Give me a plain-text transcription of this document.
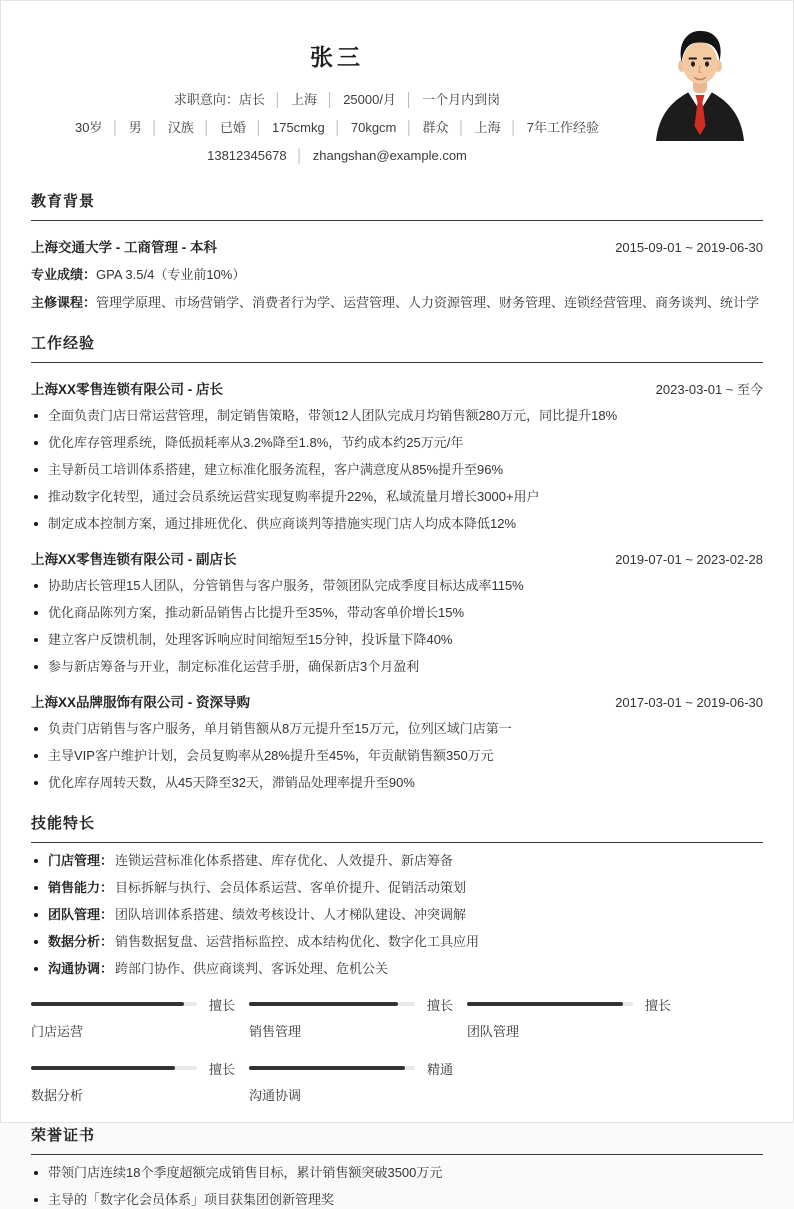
张三
求职意向：店长 │ 上海 │ 25000/月 │ 一个月内到岗
30岁 │ 男 │ 汉族 │ 已婚 │ 175cmkg │ 70kgcm │ 群众 │ 上海 │ 7年工作经验
13812345678 │ zhangshan@example.com
教育背景
上海交通大学 - 工商管理 - 本科	2015-09-01 ~ 2019-06-30
专业成绩：GPA 3.5/4（专业前10%）
主修课程：管理学原理、市场营销学、消费者行为学、运营管理、人力资源管理、财务管理、连锁经营管理、商务谈判、统计学
工作经验
上海XX零售连锁有限公司 - 店长	2023-03-01 ~ 至今
全面负责门店日常运营管理，制定销售策略，带领12人团队完成月均销售额280万元，同比提升18%
优化库存管理系统，降低损耗率从3.2%降至1.8%，节约成本约25万元/年
主导新员工培训体系搭建，建立标准化服务流程，客户满意度从85%提升至96%
推动数字化转型，通过会员系统运营实现复购率提升22%，私域流量月增长3000+用户
制定成本控制方案，通过排班优化、供应商谈判等措施实现门店人均成本降低12%
上海XX零售连锁有限公司 - 副店长	2019-07-01 ~ 2023-02-28
协助店长管理15人团队，分管销售与客户服务，带领团队完成季度目标达成率115%
优化商品陈列方案，推动新品销售占比提升至35%，带动客单价增长15%
建立客户反馈机制，处理客诉响应时间缩短至15分钟，投诉量下降40%
参与新店筹备与开业，制定标准化运营手册，确保新店3个月盈利
上海XX品牌服饰有限公司 - 资深导购	2017-03-01 ~ 2019-06-30
负责门店销售与客户服务，单月销售额从8万元提升至15万元，位列区域门店第一
主导VIP客户维护计划，会员复购率从28%提升至45%，年贡献销售额350万元
优化库存周转天数，从45天降至32天，滞销品处理率提升至90%
技能特长
门店管理： 连锁运营标准化体系搭建、库存优化、人效提升、新店筹备
销售能力： 目标拆解与执行、会员体系运营、客单价提升、促销活动策划
团队管理： 团队培训体系搭建、绩效考核设计、人才梯队建设、冲突调解
数据分析： 销售数据复盘、运营指标监控、成本结构优化、数字化工具应用
沟通协调： 跨部门协作、供应商谈判、客诉处理、危机公关
擅长
门店运营
擅长
销售管理
擅长
团队管理
擅长
数据分析
精通
沟通协调
荣誉证书
带领门店连续18个季度超额完成销售目标，累计销售额突破3500万元
主导的「数字化会员体系」项目获集团创新管理奖
